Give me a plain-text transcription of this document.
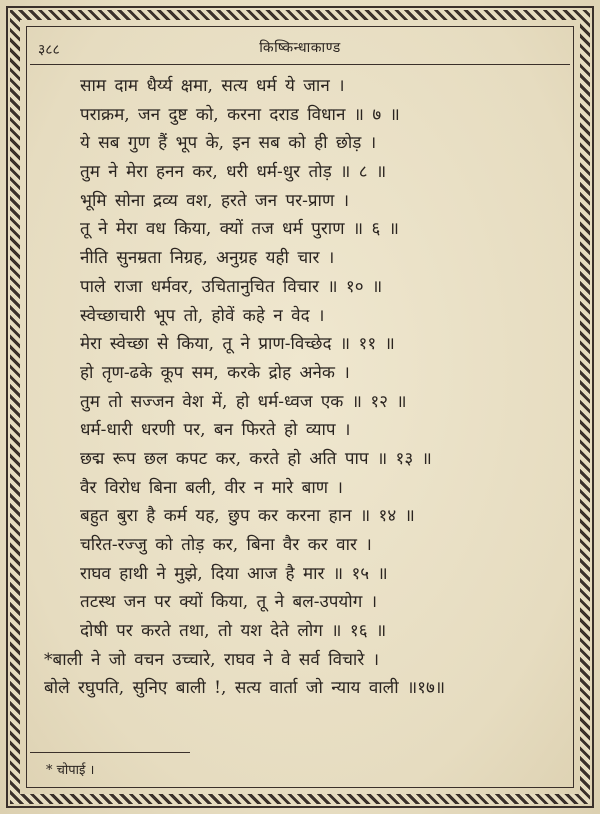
३८८	किष्किन्धाकाण्ड
साम दाम धैर्य्य क्षमा, सत्य धर्म ये जान ।
पराक्रम, जन दुष्ट को, करना दराड विधान ॥ ७ ॥
ये सब गुण हैं भूप के, इन सब को ही छोड़ ।
तुम ने मेरा हनन कर, धरी धर्म-धुर तोड़ ॥ ८ ॥
भूमि सोना द्रव्य वश, हरते जन पर-प्राण ।
तू ने मेरा वध किया, क्यों तज धर्म पुराण ॥ ६ ॥
नीति सुनम्रता निग्रह, अनुग्रह यही चार ।
पाले राजा धर्मवर, उचितानुचित विचार ॥ १० ॥
स्वेच्छाचारी भूप तो, होवें कहे न वेद ।
मेरा स्वेच्छा से किया, तू ने प्राण-विच्छेद ॥ ११ ॥
हो तृण-ढके कूप सम, करके द्रोह अनेक ।
तुम तो सज्जन वेश में, हो धर्म-ध्वज एक ॥ १२ ॥
धर्म-धारी धरणी पर, बन फिरते हो व्याप ।
छद्म रूप छल कपट कर, करते हो अति पाप ॥ १३ ॥
वैर विरोध बिना बली, वीर न मारे बाण ।
बहुत बुरा है कर्म यह, छुप कर करना हान ॥ १४ ॥
चरित-रज्जु को तोड़ कर, बिना वैर कर वार ।
राघव हाथी ने मुझे, दिया आज है मार ॥ १५ ॥
तटस्थ जन पर क्यों किया, तू ने बल-उपयोग ।
दोषी पर करते तथा, तो यश देते लोग ॥ १६ ॥
*बाली ने जो वचन उच्चारे, राघव ने वे सर्व विचारे ।
बोले रघुपति, सुनिए बाली !, सत्य वार्ता जो न्याय वाली ॥१७॥
* चोपाई ।
